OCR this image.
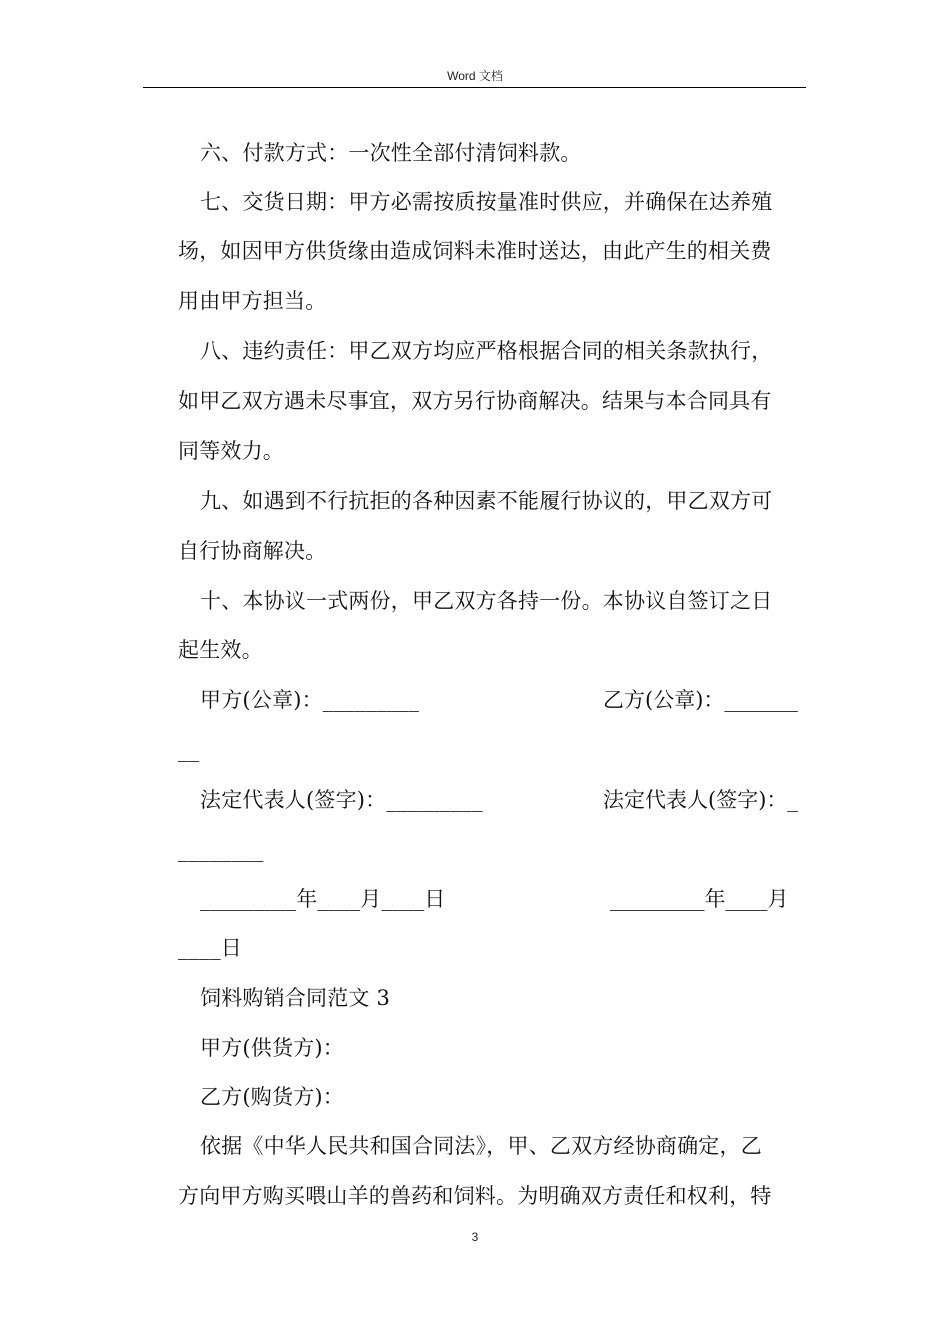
Word 文档
六、付款方式：一次性全部付清饲料款。
七、交货日期：甲方必需按质按量准时供应，并确保在达养殖
场，如因甲方供货缘由造成饲料未准时送达，由此产生的相关费
用由甲方担当。
八、违约责任：甲乙双方均应严格根据合同的相关条款执行，
如甲乙双方遇未尽事宜，双方另行协商解决。结果与本合同具有
同等效力。
九、如遇到不行抗拒的各种因素不能履行协议的，甲乙双方可
自行协商解决。
十、本协议一式两份，甲乙双方各持一份。本协议自签订之日
起生效。
甲方(公章)：_________	乙方(公章)：_______
__
法定代表人(签字)：_________	法定代表人(签字)：_
________
_________年____月____日	_________年____月
____日
饲料购销合同范文 3
甲方(供货方)：
乙方(购货方)：
依据《中华人民共和国合同法》，甲、乙双方经协商确定，乙
方向甲方购买喂山羊的兽药和饲料。为明确双方责任和权利，特
3
